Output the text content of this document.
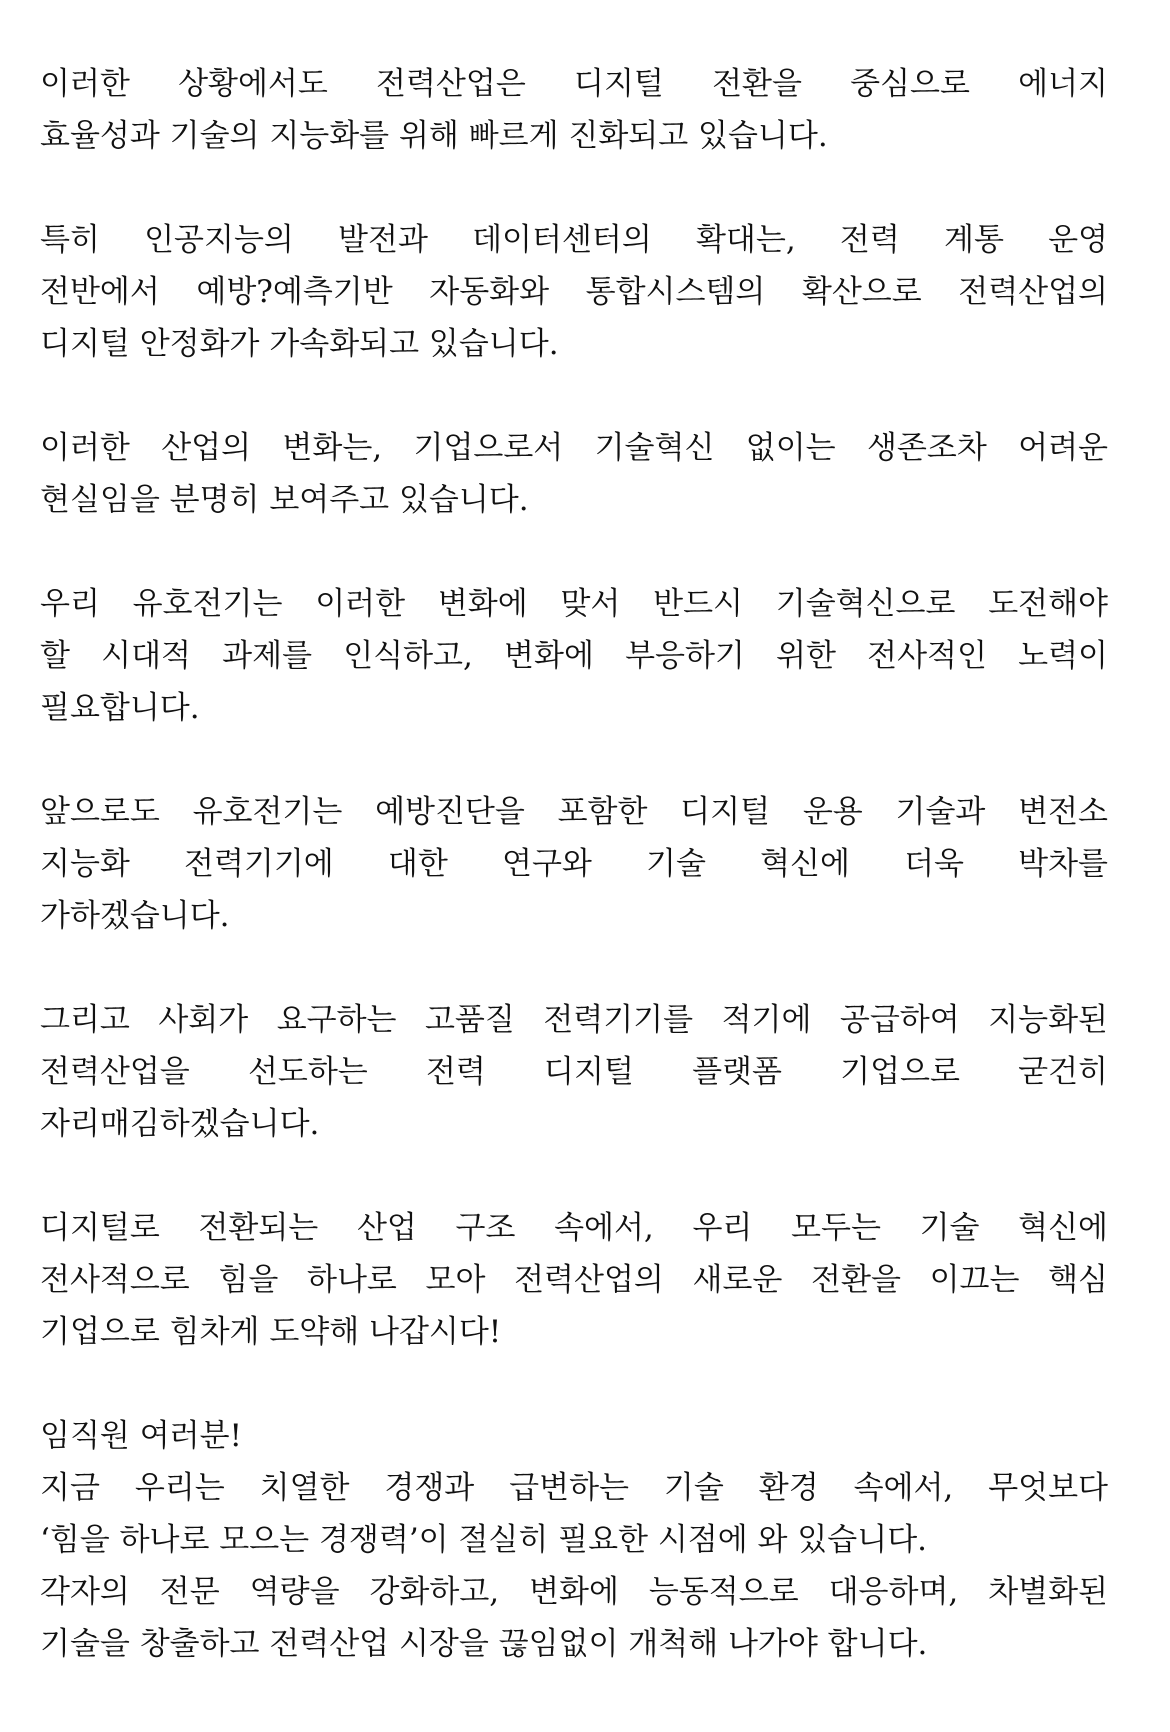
이러한 상황에서도 전력산업은 디지털 전환을 중심으로 에너지
효율성과 기술의 지능화를 위해 빠르게 진화되고 있습니다.

특히 인공지능의 발전과 데이터센터의 확대는, 전력 계통 운영
전반에서 예방?예측기반 자동화와 통합시스템의 확산으로 전력산업의
디지털 안정화가 가속화되고 있습니다.

이러한 산업의 변화는, 기업으로서 기술혁신 없이는 생존조차 어려운
현실임을 분명히 보여주고 있습니다.

우리 유호전기는 이러한 변화에 맞서 반드시 기술혁신으로 도전해야
할 시대적 과제를 인식하고, 변화에 부응하기 위한 전사적인 노력이
필요합니다.

앞으로도 유호전기는 예방진단을 포함한 디지털 운용 기술과 변전소
지능화 전력기기에 대한 연구와 기술 혁신에 더욱 박차를
가하겠습니다.

그리고 사회가 요구하는 고품질 전력기기를 적기에 공급하여 지능화된
전력산업을 선도하는 전력 디지털 플랫폼 기업으로 굳건히
자리매김하겠습니다.

디지털로 전환되는 산업 구조 속에서, 우리 모두는 기술 혁신에
전사적으로 힘을 하나로 모아 전력산업의 새로운 전환을 이끄는 핵심
기업으로 힘차게 도약해 나갑시다!

임직원 여러분!
지금 우리는 치열한 경쟁과 급변하는 기술 환경 속에서, 무엇보다
‘힘을 하나로 모으는 경쟁력’이 절실히 필요한 시점에 와 있습니다.
각자의 전문 역량을 강화하고, 변화에 능동적으로 대응하며, 차별화된
기술을 창출하고 전력산업 시장을 끊임없이 개척해 나가야 합니다.
